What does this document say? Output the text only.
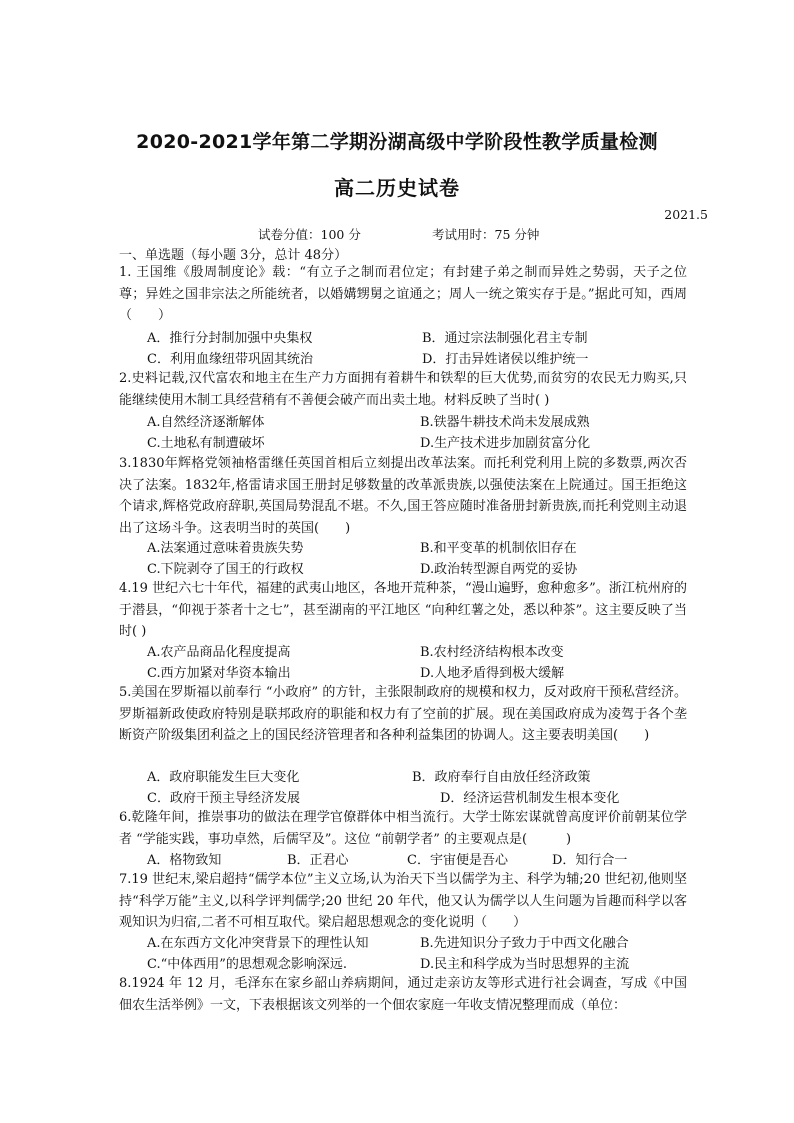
2020-2021学年第二学期汾湖高级中学阶段性教学质量检测
高二历史试卷
2021.5
试卷分值：100 分	考试用时：75 分钟
一、单选题（每小题 3分，总计 48分）
1. 王国维《殷周制度论》载：“有立子之制而君位定；有封建子弟之制而异姓之势弱，天子之位尊；异姓之国非宗法之所能统者，以婚媾甥舅之谊通之；周人一统之策实存于是。”据此可知，西周 （　　）
A．推行分封制加强中央集权	B．通过宗法制强化君主专制
C．利用血缘纽带巩固其统治	D．打击异姓诸侯以维护统一
2.史料记载,汉代富农和地主在生产力方面拥有着耕牛和铁犁的巨大优势,而贫穷的农民无力购买,只能继续使用木制工具经营稍有不善便会破产而出卖土地。材料反映了当时( )
A.自然经济逐渐解体	B.铁器牛耕技术尚未发展成熟
C.土地私有制遭破坏	D.生产技术进步加剧贫富分化
3.1830年辉格党领袖格雷继任英国首相后立刻提出改革法案。而托利党利用上院的多数票,两次否决了法案。1832年,格雷请求国王册封足够数量的改革派贵族,以强使法案在上院通过。国王拒绝这个请求,辉格党政府辞职,英国局势混乱不堪。不久,国王答应随时准备册封新贵族,而托利党则主动退出了这场斗争。这表明当时的英国(　　)
A.法案通过意味着贵族失势	B.和平变革的机制依旧存在
C.下院剥夺了国王的行政权	D.政治转型源自两党的妥协
4.19 世纪六七十年代，福建的武夷山地区，各地开荒种茶，“漫山遍野，愈种愈多”。浙江杭州府的于潜县，“仰视于茶者十之七”，甚至湖南的平江地区 “向种红薯之处，悉以种茶”。这主要反映了当时( )
A.农产品商品化程度提高	B.农村经济结构根本改变
C.西方加紧对华资本输出	D.人地矛盾得到极大缓解
5.美国在罗斯福以前奉行 “小政府” 的方针，主张限制政府的规模和权力，反对政府干预私营经济。罗斯福新政使政府特别是联邦政府的职能和权力有了空前的扩展。现在美国政府成为凌驾于各个垄断资产阶级集团利益之上的国民经济管理者和各种利益集团的协调人。这主要表明美国(　　)
A．政府职能发生巨大变化	B．政府奉行自由放任经济政策
C．政府干预主导经济发展	D．经济运营机制发生根本变化
6.乾隆年间，推崇事功的做法在理学官僚群体中相当流行。大学士陈宏谋就曾高度评价前朝某位学者 “学能实践，事功卓然，后儒罕及”。这位 “前朝学者” 的主要观点是(　　　)
A．格物致知	B．正君心	C．宇宙便是吾心	D．知行合一
7.19 世纪末,梁启超持“儒学本位”主义立场,认为治天下当以儒学为主、科学为辅;20 世纪初,他则坚持“科学万能”主义,以科学评判儒学;20 世纪 20 年代，他又认为儒学以人生问题为旨趣而科学以客观知识为归宿,二者不可相互取代。梁启超思想观念的变化说明（　　）
A.在东西方文化冲突背景下的理性认知	B.先进知识分子致力于中西文化融合
C.“中体西用”的思想观念影响深远.	D.民主和科学成为当时思想界的主流
8.1924 年 12 月，毛泽东在家乡韶山养病期间，通过走亲访友等形式进行社会调查，写成《中国佃农生活举例》一文，下表根据该文列举的一个佃农家庭一年收支情况整理而成（单位：
